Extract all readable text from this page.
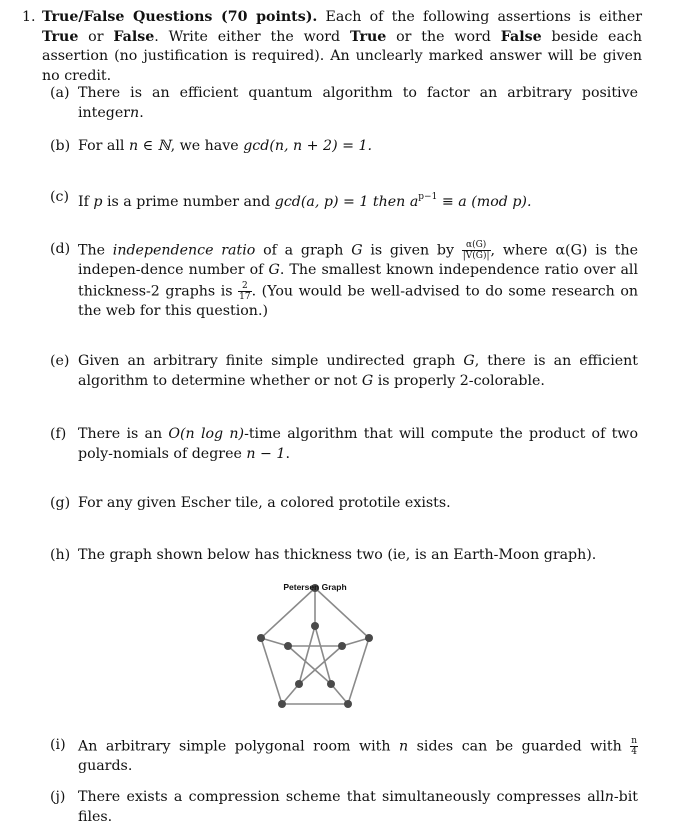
1. True/False Questions (70 points). Each of the following assertions is either True or False. Write either the word True or the word False beside each assertion (no justification is required). An unclearly marked answer will be given no credit.
(a) There is an efficient quantum algorithm to factor an arbitrary positive integern.
(b) For all n ∈ ℕ, we have gcd(n, n + 2) = 1.
(c) If p is a prime number and gcd(a, p) = 1 then $a^{p-1} \equiv a$ (mod p).
(d) The independence ratio of a graph G is given by $\frac{\alpha(G)}{|V(G)|}$ , where α(G) is the indepen-dence number of G. The smallest known independence ratio over all thickness-2 graphs is $\frac{2}{17}$ . (You would be well-advised to do some research on the web for this question.)
(e) Given an arbitrary finite simple undirected graph G, there is an efficient algorithm to determine whether or not G is properly 2-colorable.
(f) There is an O(n log n)-time algorithm that will compute the product of two poly-nomials of degree n − 1.
(g) For any given Escher tile, a colored prototile exists.
(h) The graph shown below has thickness two (ie, is an Earth-Moon graph).
Petersen Graph
(i) An arbitrary simple polygonal room with n sides can be guarded with $\frac{n}{4}$
guards.
(j) There exists a compression scheme that simultaneously compresses alln-bit files.
